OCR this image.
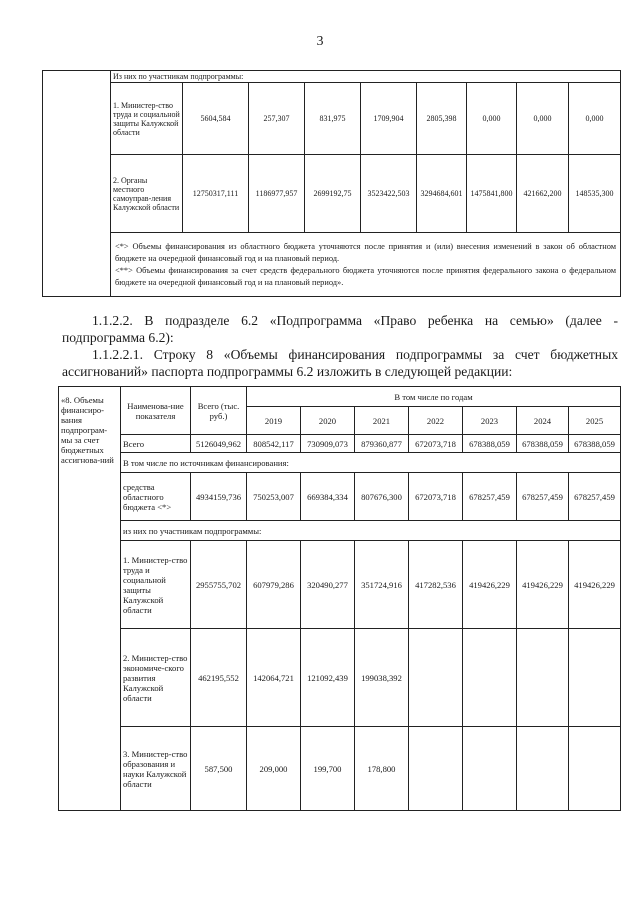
3
	Из них по участникам подпрограммы:								
	1. Министер-ство труда и социальной защиты Калужской области	5604,584	257,307	831,975	1709,904	2805,398	0,000	0,000	0,000
	2. Органы местного самоуправ-ления Калужской области	12750317,111	1186977,957	2699192,75	3523422,503	3294684,601	1475841,800	421662,200	148535,300

	<*> Объемы финансирования из областного бюджета уточняются после принятия и (или) внесения изменений в закон об областном бюджете на очередной финансовый год и на плановый период.

<**> Объемы финансирования за счет средств федерального бюджета уточняются после принятия федерального закона о федеральном бюджете на очередной финансовый год и на плановый период».								

1.1.2.2. В подразделе 6.2 «Подпрограмма «Право ребенка на семью» (далее - подпрограмма 6.2):
1.1.2.2.1. Строку 8 «Объемы финансирования подпрограммы за счет бюджетных ассигнований» паспорта подпрограммы 6.2 изложить в следующей редакции:
«8. Объемы финансиро-вания подпрограм-мы за счет бюджетных ассигнова-ний	Наименова-ние показателя	Всего (тыс. руб.)	В том числе по годам						
			2019	2020	2021	2022	2023	2024	2025
	Всего	5126049,962	808542,117	730909,073	879360,877	672073,718	678388,059	678388,059	678388,059
	В том числе по источникам финансирования:								
	средства областного бюджета <*>	4934159,736	750253,007	669384,334	807676,300	672073,718	678257,459	678257,459	678257,459
	из них по участникам подпрограммы:								
	1. Министер-ство труда и социальной защиты Калужской области	2955755,702	607979,286	320490,277	351724,916	417282,536	419426,229	419426,229	419426,229
	2. Министер-ство экономиче-ского развития Калужской области	462195,552	142064,721	121092,439	199038,392				
	3. Министер-ство образования и науки Калужской области	587,500	209,000	199,700	178,800				
